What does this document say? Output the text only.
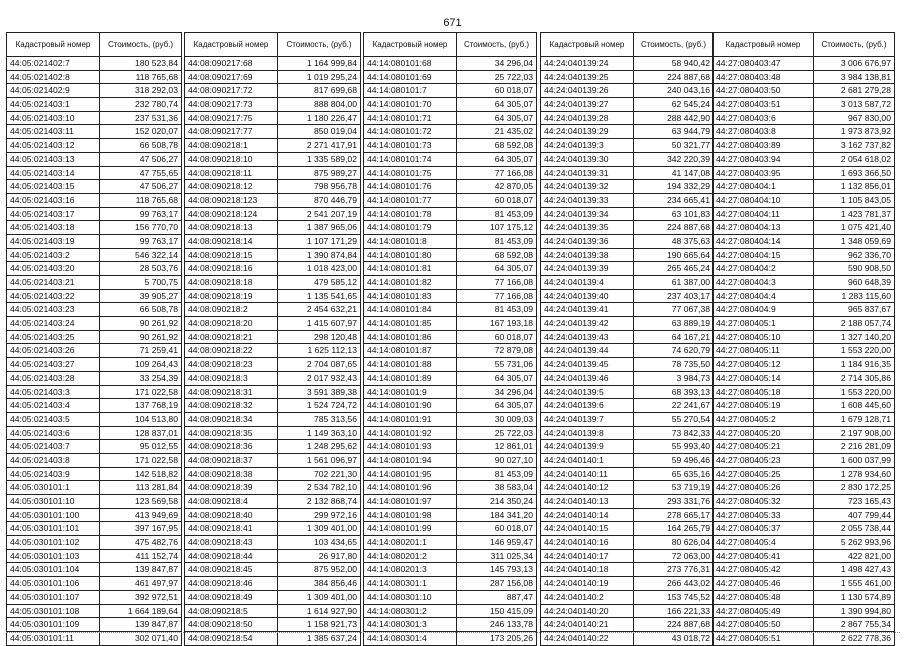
671
Кадастровый номер	Стоимость, (руб.)
44:05:021402:7	180 523,84
44:05:021402:8	118 765,68
44:05:021402:9	318 292,03
44:05:021403:1	232 780,74
44:05:021403:10	237 531,36
44:05:021403:11	152 020,07
44:05:021403:12	66 508,78
44:05:021403:13	47 506,27
44:05:021403:14	47 755,65
44:05:021403:15	47 506,27
44:05:021403:16	118 765,68
44:05:021403:17	99 763,17
44:05:021403:18	156 770,70
44:05:021403:19	99 763,17
44:05:021403:2	546 322,14
44:05:021403:20	28 503,76
44:05:021403:21	5 700,75
44:05:021403:22	39 905,27
44:05:021403:23	66 508,78
44:05:021403:24	90 261,92
44:05:021403:25	90 261,92
44:05:021403:26	71 259,41
44:05:021403:27	109 264,43
44:05:021403:28	33 254,39
44:05:021403:3	171 022,58
44:05:021403:4	137 768,19
44:05:021403:5	104 513,80
44:05:021403:6	128 837,01
44:05:021403:7	95 012,55
44:05:021403:8	171 022,58
44:05:021403:9	142 518,82
44:05:030101:1	113 281,84
44:05:030101:10	123 569,58
44:05:030101:100	413 949,69
44:05:030101:101	397 167,95
44:05:030101:102	475 482,76
44:05:030101:103	411 152,74
44:05:030101:104	139 847,87
44:05:030101:106	461 497,97
44:05:030101:107	392 972,51
44:05:030101:108	1 664 189,64
44:05:030101:109	139 847,87
44:05:030101:11	302 071,40
Кадастровый номер	Стоимость, (руб.)
44:08:090217:68	1 164 999,84
44:08:090217:69	1 019 295,24
44:08:090217:72	817 699,68
44:08:090217:73	888 804,00
44:08:090217:75	1 180 226,47
44:08:090217:77	850 019,04
44:08:090218:1	2 271 417,91
44:08:090218:10	1 335 589,02
44:08:090218:11	875 989,27
44:08:090218:12	798 956,78
44:08:090218:123	870 446,79
44:08:090218:124	2 541 207,19
44:08:090218:13	1 387 965,06
44:08:090218:14	1 107 171,29
44:08:090218:15	1 390 874,84
44:08:090218:16	1 018 423,00
44:08:090218:18	479 585,12
44:08:090218:19	1 135 541,65
44:08:090218:2	2 454 632,21
44:08:090218:20	1 415 607,97
44:08:090218:21	298 120,48
44:08:090218:22	1 625 112,13
44:08:090218:23	2 704 087,65
44:08:090218:3	2 017 932,43
44:08:090218:31	3 591 389,38
44:08:090218:32	1 524 724,72
44:08:090218:34	785 313,56
44:08:090218:35	1 149 363,10
44:08:090218:36	1 248 295,62
44:08:090218:37	1 561 096,97
44:08:090218:38	702 221,30
44:08:090218:39	2 534 782,10
44:08:090218:4	2 132 868,74
44:08:090218:40	299 972,16
44:08:090218:41	1 309 401,00
44:08:090218:43	103 434,65
44:08:090218:44	26 917,80
44:08:090218:45	875 952,00
44:08:090218:46	384 856,46
44:08:090218:49	1 309 401,00
44:08:090218:5	1 614 927,90
44:08:090218:50	1 158 921,73
44:08:090218:54	1 385 637,24
Кадастровый номер	Стоимость, (руб.)
44:14:080101:68	34 296,04
44:14:080101:69	25 722,03
44:14:080101:7	60 018,07
44:14:080101:70	64 305,07
44:14:080101:71	64 305,07
44:14:080101:72	21 435,02
44:14:080101:73	68 592,08
44:14:080101:74	64 305,07
44:14:080101:75	77 166,08
44:14:080101:76	42 870,05
44:14:080101:77	60 018,07
44:14:080101:78	81 453,09
44:14:080101:79	107 175,12
44:14:080101:8	81 453,09
44:14:080101:80	68 592,08
44:14:080101:81	64 305,07
44:14:080101:82	77 166,08
44:14:080101:83	77 166,08
44:14:080101:84	81 453,09
44:14:080101:85	167 193,18
44:14:080101:86	60 018,07
44:14:080101:87	72 879,08
44:14:080101:88	55 731,06
44:14:080101:89	64 305,07
44:14:080101:9	34 296,04
44:14:080101:90	64 305,07
44:14:080101:91	30 009,03
44:14:080101:92	25 722,03
44:14:080101:93	12 861,01
44:14:080101:94	90 027,10
44:14:080101:95	81 453,09
44:14:080101:96	38 583,04
44:14:080101:97	214 350,24
44:14:080101:98	184 341,20
44:14:080101:99	60 018,07
44:14:080201:1	146 959,47
44:14:080201:2	311 025,34
44:14:080201:3	145 793,13
44:14:080301:1	287 156,08
44:14:080301:10	887,47
44:14:080301:2	150 415,09
44:14:080301:3	246 133,78
44:14:080301:4	173 205,26
Кадастровый номер	Стоимость, (руб.)
44:24:040139:24	58 940,42
44:24:040139:25	224 887,68
44:24:040139:26	240 043,16
44:24:040139:27	62 545,24
44:24:040139:28	288 442,90
44:24:040139:29	63 944,79
44:24:040139:3	50 321,77
44:24:040139:30	342 220,39
44:24:040139:31	41 147,08
44:24:040139:32	194 332,29
44:24:040139:33	234 665,41
44:24:040139:34	63 101,83
44:24:040139:35	224 887,68
44:24:040139:36	48 375,63
44:24:040139:38	190 665,64
44:24:040139:39	265 465,24
44:24:040139:4	61 387,00
44:24:040139:40	237 403,17
44:24:040139:41	77 067,38
44:24:040139:42	63 889,19
44:24:040139:43	64 167,21
44:24:040139:44	74 620,79
44:24:040139:45	78 735,50
44:24:040139:46	3 984,73
44:24:040139:5	68 393,13
44:24:040139:6	22 241,67
44:24:040139:7	55 270,54
44:24:040139:8	73 842,33
44:24:040139:9	55 993,40
44:24:040140:1	59 496,46
44:24:040140:11	65 635,16
44:24:040140:12	53 719,19
44:24:040140:13	293 331,76
44:24:040140:14	278 665,17
44:24:040140:15	164 265,79
44:24:040140:16	80 626,04
44:24:040140:17	72 063,00
44:24:040140:18	273 776,31
44:24:040140:19	266 443,02
44:24:040140:2	153 745,52
44:24:040140:20	166 221,33
44:24:040140:21	224 887,68
44:24:040140:22	43 018,72
Кадастровый номер	Стоимость, (руб.)
44:27:080403:47	3 006 676,97
44:27:080403:48	3 984 138,81
44:27:080403:50	2 681 279,28
44:27:080403:51	3 013 587,72
44:27:080403:6	967 830,00
44:27:080403:8	1 973 873,92
44:27:080403:89	3 162 737,82
44:27:080403:94	2 054 618,02
44:27:080403:95	1 693 366,50
44:27:080404:1	1 132 856,01
44:27:080404:10	1 105 843,05
44:27:080404:11	1 423 781,37
44:27:080404:13	1 075 421,40
44:27:080404:14	1 348 059,69
44:27:080404:15	962 336,70
44:27:080404:2	590 908,50
44:27:080404:3	960 648,39
44:27:080404:4	1 283 115,60
44:27:080404:9	965 837,67
44:27:080405:1	2 188 057,74
44:27:080405:10	1 327 140,20
44:27:080405:11	1 553 220,00
44:27:080405:12	1 184 916,35
44:27:080405:14	2 714 305,86
44:27:080405:18	1 553 220,00
44:27:080405:19	1 608 445,60
44:27:080405:2	1 679 128,71
44:27:080405:20	2 197 908,00
44:27:080405:21	2 216 281,09
44:27:080405:23	1 600 037,99
44:27:080405:25	1 278 934,60
44:27:080405:26	2 830 172,25
44:27:080405:32	723 165,43
44:27:080405:33	407 799,44
44:27:080405:37	2 055 738,44
44:27:080405:4	5 262 993,96
44:27:080405:41	422 821,00
44:27:080405:42	1 498 427,43
44:27:080405:46	1 555 461,00
44:27:080405:48	1 130 574,89
44:27:080405:49	1 390 994,80
44:27:080405:50	2 867 755,34
44:27:080405:51	2 622 778,36
